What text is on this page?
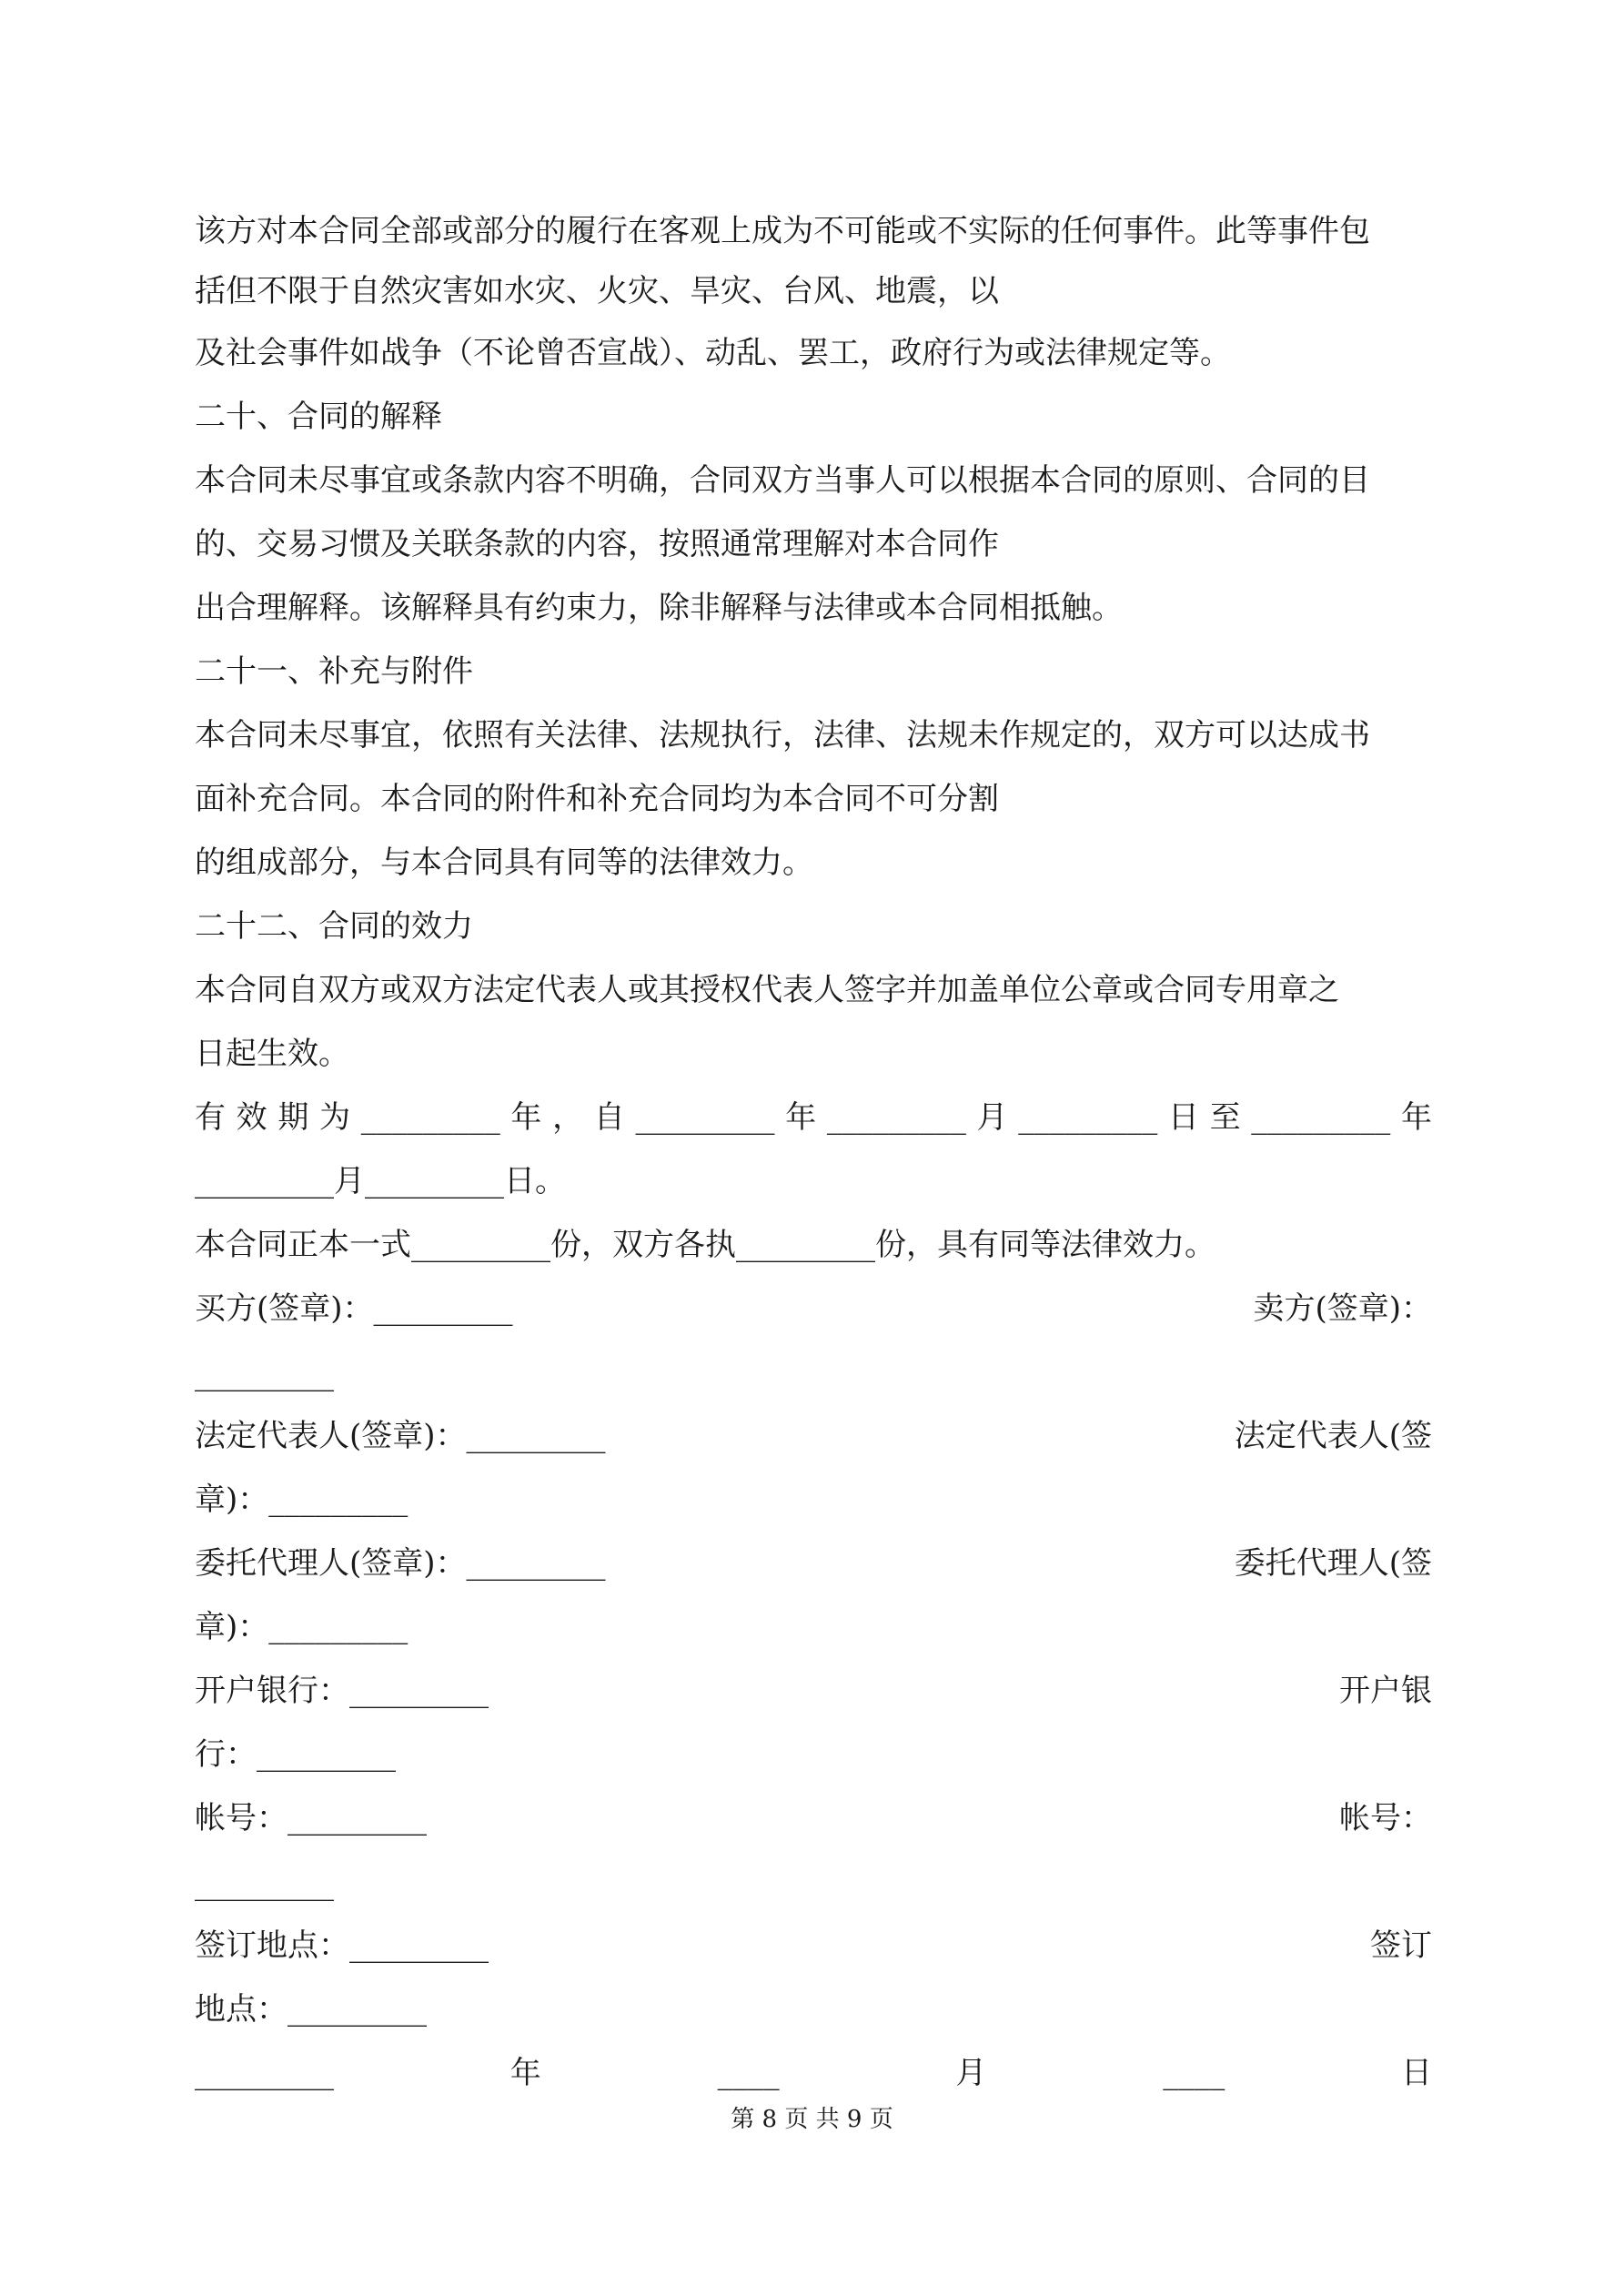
该方对本合同全部或部分的履行在客观上成为不可能或不实际的任何事件。此等事件包
括但不限于自然灾害如水灾、火灾、旱灾、台风、地震，以
及社会事件如战争（不论曾否宣战）、动乱、罢工，政府行为或法律规定等。
二十、合同的解释
本合同未尽事宜或条款内容不明确，合同双方当事人可以根据本合同的原则、合同的目
的、交易习惯及关联条款的内容，按照通常理解对本合同作
出合理解释。该解释具有约束力，除非解释与法律或本合同相抵触。
二十一、补充与附件
本合同未尽事宜，依照有关法律、法规执行，法律、法规未作规定的，双方可以达成书
面补充合同。本合同的附件和补充合同均为本合同不可分割
的组成部分，与本合同具有同等的法律效力。
二十二、合同的效力
本合同自双方或双方法定代表人或其授权代表人签字并加盖单位公章或合同专用章之
日起生效。
有效期为_________年，自_________年_________月_________日至_________年
_________月_________日。
本合同正本一式_________份，双方各执_________份，具有同等法律效力。
买方(签章)：_________	卖方(签章)：
_________
法定代表人(签章)：_________	法定代表人(签
章)：_________
委托代理人(签章)：_________	委托代理人(签
章)：_________
开户银行：_________	开户银
行：_________
帐号：_________	帐号：
_________
签订地点：_________	签订
地点：_________
_________	年	____	月	____	日
第 8 页 共 9 页
